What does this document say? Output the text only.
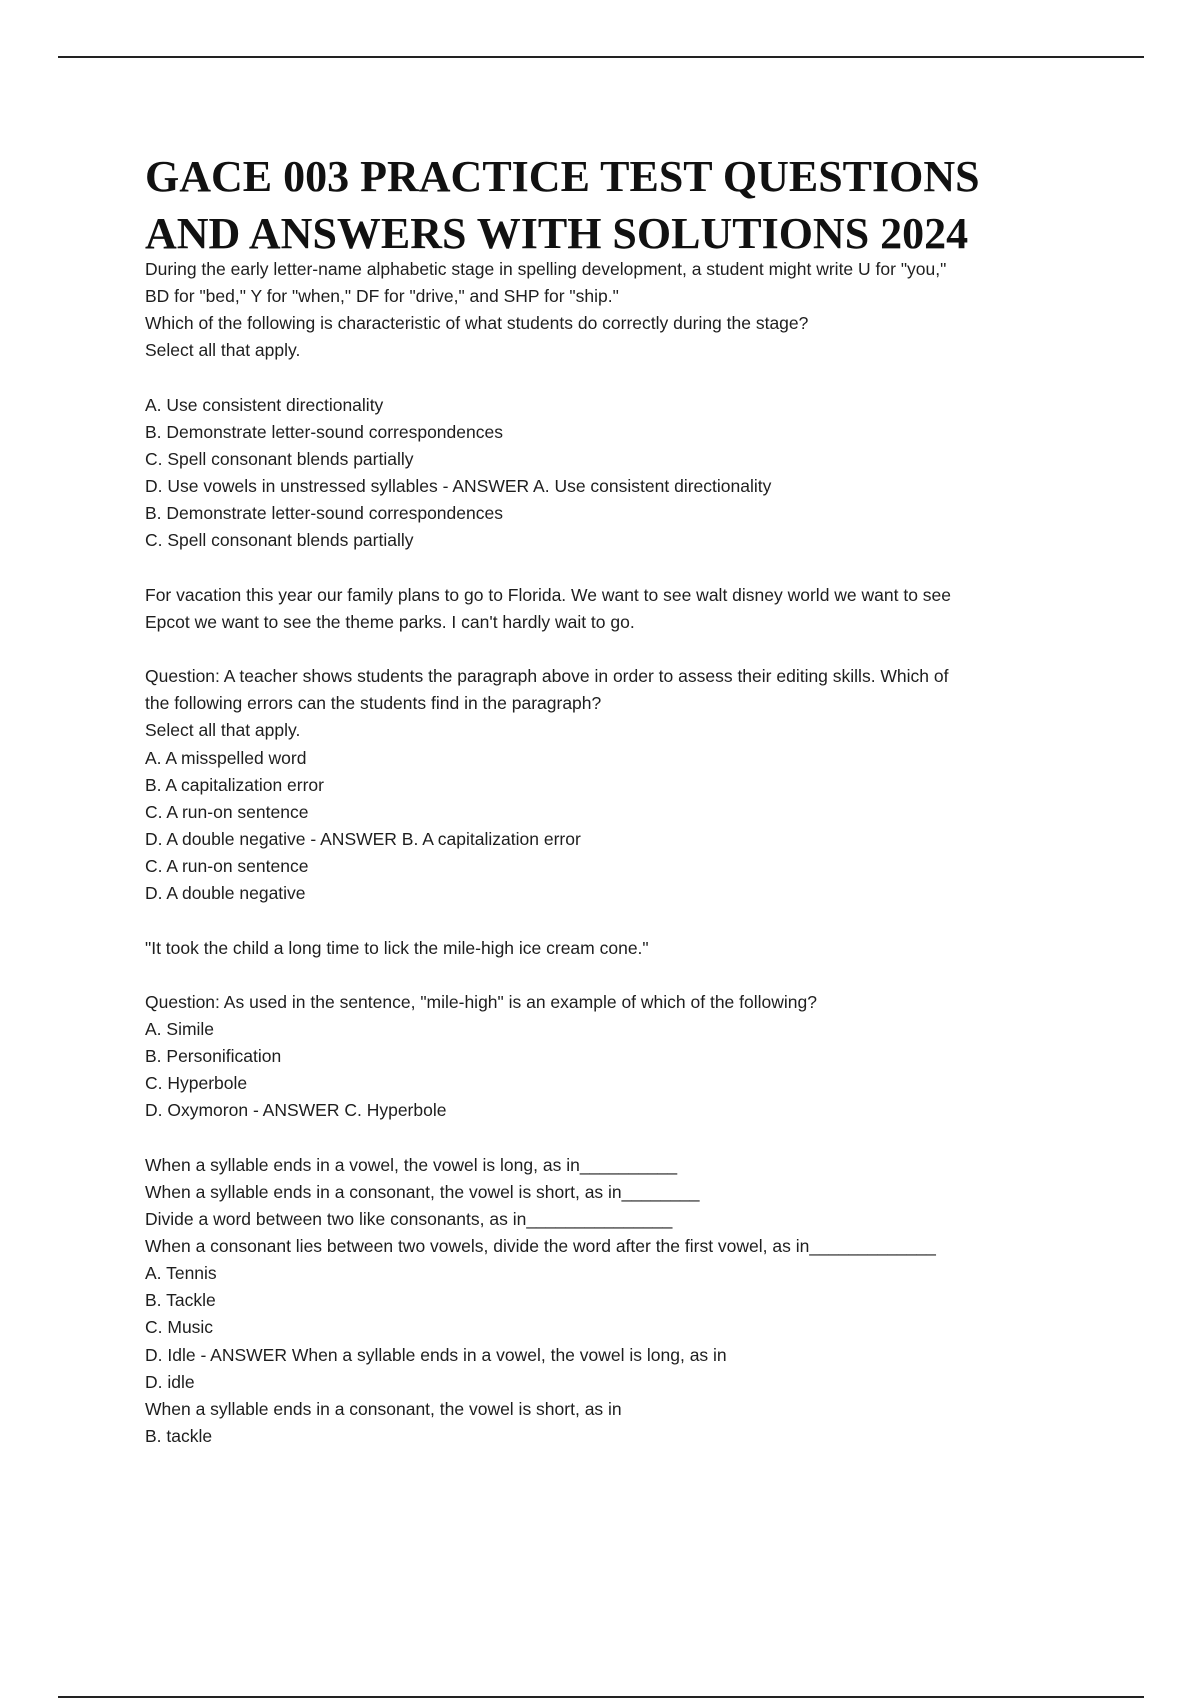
GACE 003 PRACTICE TEST QUESTIONS
AND ANSWERS WITH SOLUTIONS 2024
During the early letter-name alphabetic stage in spelling development, a student might write U for "you,"
BD for "bed," Y for "when," DF for "drive," and SHP for "ship."
Which of the following is characteristic of what students do correctly during the stage?
Select all that apply.
A. Use consistent directionality
B. Demonstrate letter-sound correspondences
C. Spell consonant blends partially
D. Use vowels in unstressed syllables - ANSWER A. Use consistent directionality
B. Demonstrate letter-sound correspondences
C. Spell consonant blends partially
For vacation this year our family plans to go to Florida. We want to see walt disney world we want to see
Epcot we want to see the theme parks. I can't hardly wait to go.
Question: A teacher shows students the paragraph above in order to assess their editing skills. Which of
the following errors can the students find in the paragraph?
Select all that apply.
A. A misspelled word
B. A capitalization error
C. A run-on sentence
D. A double negative - ANSWER B. A capitalization error
C. A run-on sentence
D. A double negative
"It took the child a long time to lick the mile-high ice cream cone."
Question: As used in the sentence, "mile-high" is an example of which of the following?
A. Simile
B. Personification
C. Hyperbole
D. Oxymoron - ANSWER C. Hyperbole
When a syllable ends in a vowel, the vowel is long, as in__________
When a syllable ends in a consonant, the vowel is short, as in________
Divide a word between two like consonants, as in_______________
When a consonant lies between two vowels, divide the word after the first vowel, as in_____________
A. Tennis
B. Tackle
C. Music
D. Idle - ANSWER When a syllable ends in a vowel, the vowel is long, as in
D. idle
When a syllable ends in a consonant, the vowel is short, as in
B. tackle
